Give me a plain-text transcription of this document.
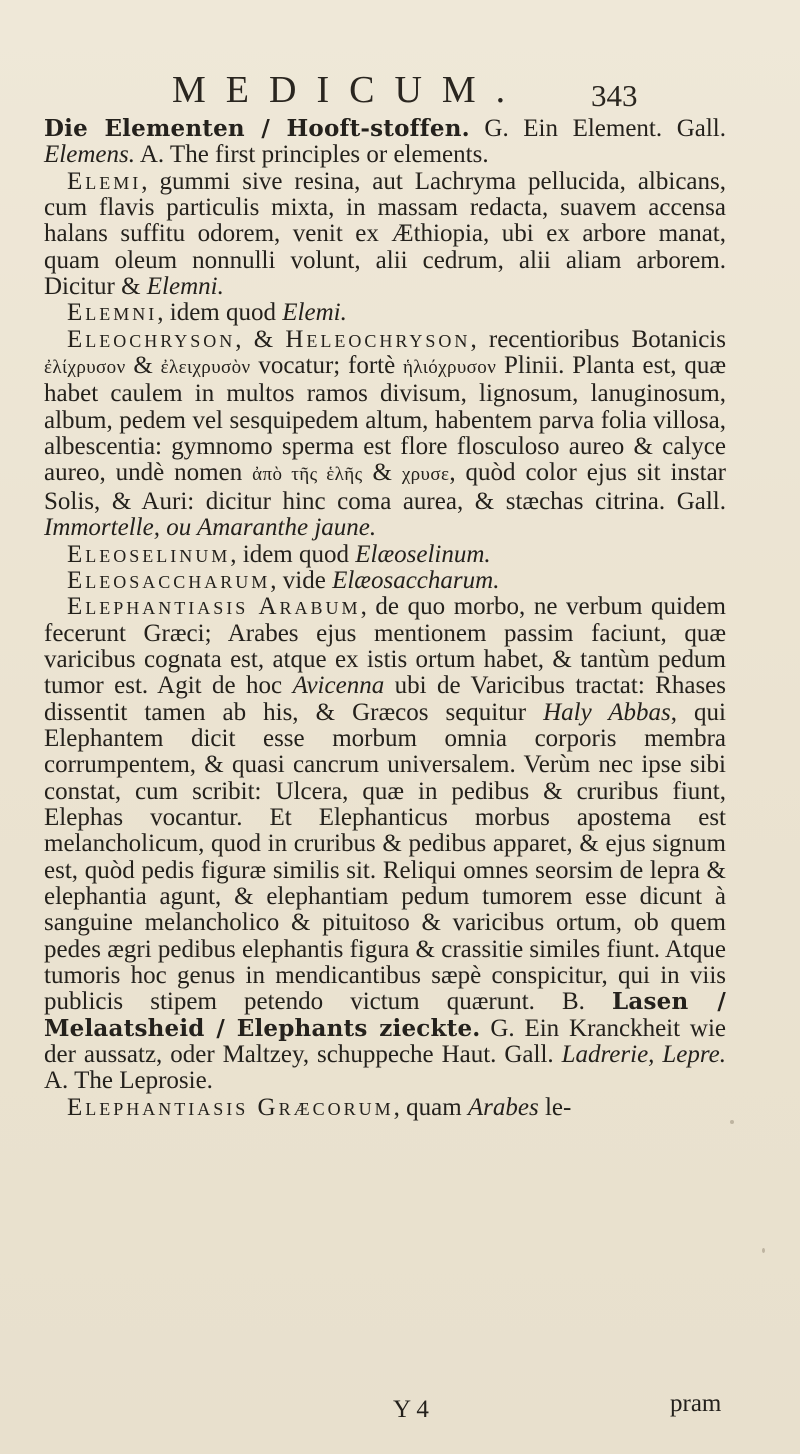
MEDICUM. 343

Die Elementen / Hooft-stoffen. G. Ein Element. Gall. Elemens. A. The first principles or elements.

Elemi, gummi sive resina, aut Lachryma pellucida, albicans, cum flavis particulis mixta, in massam redacta, suavem accensa halans suffitu odorem, venit ex Æthiopia, ubi ex arbore manat, quam oleum nonnulli volunt, alii cedrum, alii aliam arborem. Dicitur & Elemni.

Elemni, idem quod Elemi.

Eleochryson, & Heleochryson, recentioribus Botanicis ἐλίχρυσον & ἐλειχρυσὸν vocatur; fortè ἡλιόχρυσον Plinii. Planta est, quæ habet caulem in multos ramos divisum, lignosum, lanuginosum, album, pedem vel sesquipedem altum, habentem parva folia villosa, albescentia: gymnomo sperma est flore flosculoso aureo & calyce aureo, undè nomen ἀπὸ τῆς ἑλῆς & χρυσε, quòd color ejus sit instar Solis, & Auri: dicitur hinc coma aurea, & stæchas citrina. Gall. Immortelle, ou Amaranthe jaune.

Eleoselinum, idem quod Elæoselinum.

Eleosaccharum, vide Elæosaccharum.

Elephantiasis Arabum, de quo morbo, ne verbum quidem fecerunt Græci; Arabes ejus mentionem passim faciunt, quæ varicibus cognata est, atque ex istis ortum habet, & tantùm pedum tumor est. Agit de hoc Avicenna ubi de Varicibus tractat: Rhases dissentit tamen ab his, & Græcos sequitur Haly Abbas, qui Elephantem dicit esse morbum omnia corporis membra corrumpentem, & quasi cancrum universalem. Verùm nec ipse sibi constat, cum scribit: Ulcera, quæ in pedibus & cruribus fiunt, Elephas vocantur. Et Elephanticus morbus apostema est melancholicum, quod in cruribus & pedibus apparet, & ejus signum est, quòd pedis figuræ similis sit. Reliqui omnes seorsim de lepra & elephantia agunt, & elephantiam pedum tumorem esse dicunt à sanguine melancholico & pituitoso & varicibus ortum, ob quem pedes ægri pedibus elephantis figura & crassitie similes fiunt. Atque tumoris hoc genus in mendicantibus sæpè conspicitur, qui in viis publicis stipem petendo victum quærunt. B. Lasen / Melaatsheid / Elephants zieckte. G. Ein Kranckheit wie der aussatz, oder Maltzey, schuppeche Haut. Gall. Ladrerie, Lepre. A. The Leprosie.

Elephantiasis Græcorum, quam Arabes le-

Y 4	pram
